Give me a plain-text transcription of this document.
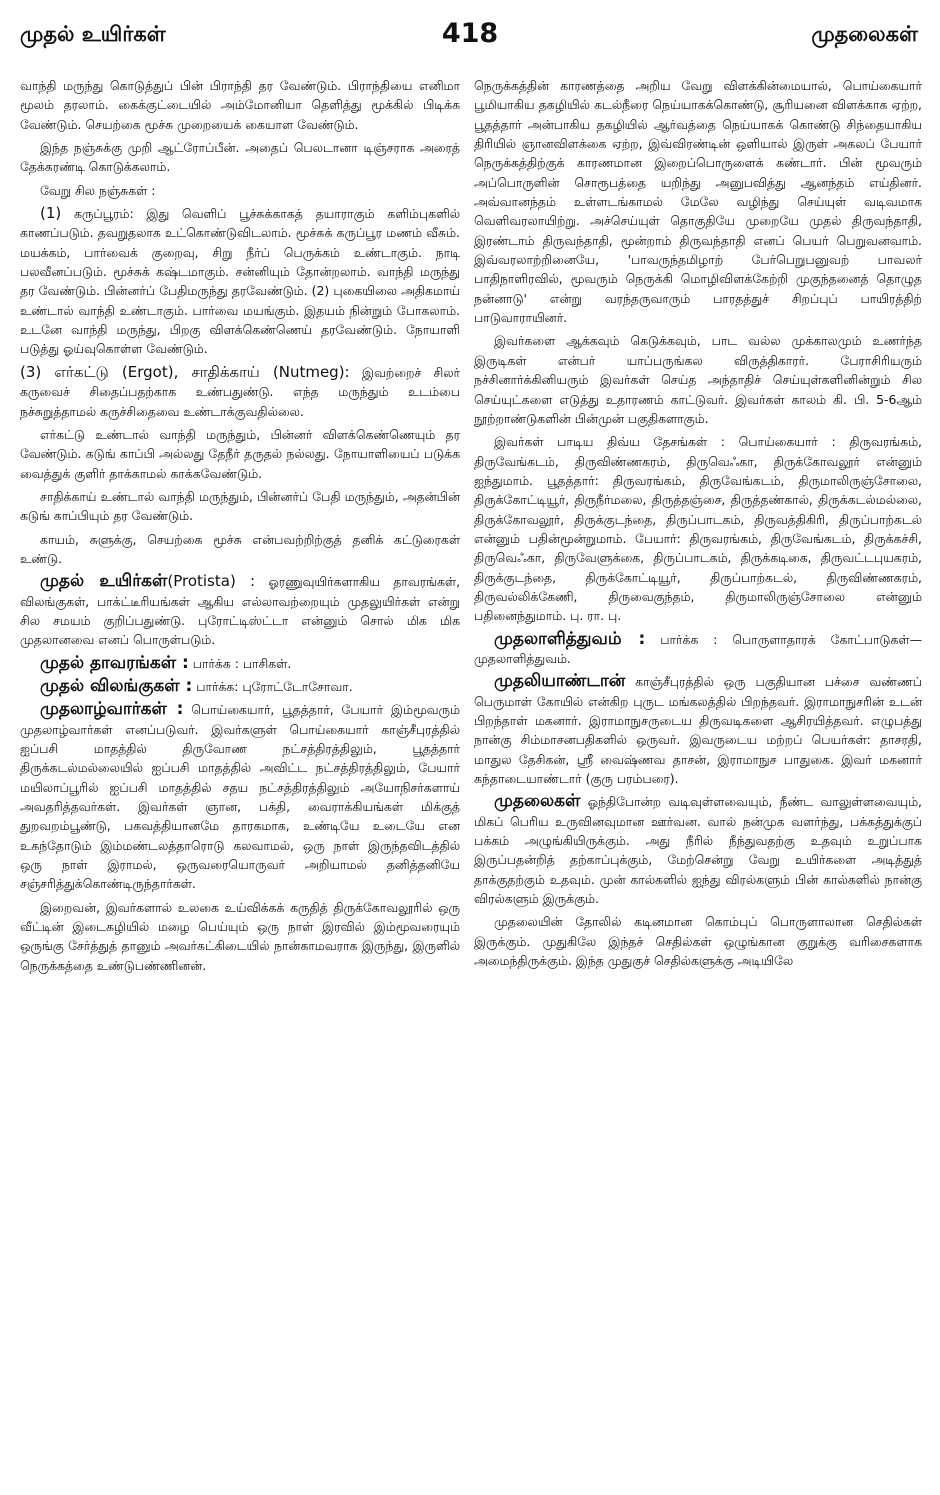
முதல் உயிர்கள்	418	முதலைகள்

வாந்தி மருந்து கொடுத்துப் பின் பிராந்தி தர வேண்டும். பிராந்தியை எனிமா மூலம் தரலாம். கைக்குட்டையில் அம்மோனியா தெளித்து மூக்கில் பிடிக்க வேண்டும். செயற்கை மூச்சு முறையைக் கையாள வேண்டும்.

இந்த நஞ்சுக்கு முறி ஆட்ரோப்பீன். அதைப் பெலடானா டிஞ்சராக அரைத் தேக்கரண்டி கொடுக்கலாம்.

வேறு சில நஞ்சுகள் :

(1) கருப்பூரம்: இது வெளிப் பூச்சுக்காகத் தயாராகும் களிம்புகளில் காணப்படும். தவறுதலாக உட்கொண்டுவிடலாம். மூச்சுக் கருப்பூர மணம் வீசும். மயக்கம், பார்வைக் குறைவு, சிறு நீர்ப் பெருக்கம் உண்டாகும். நாடி பலவீனப்படும். மூச்சுக் கஷ்டமாகும். சன்னியும் தோன்றலாம். வாந்தி மருந்து தர வேண்டும். பின்னர்ப் பேதிமருந்து தரவேண்டும். (2) புகையிலை அதிகமாய் உண்டால் வாந்தி உண்டாகும். பார்வை மயங்கும். இதயம் நின்றும் போகலாம். உடனே வாந்தி மருந்து, பிறகு விளக்கெண்ணெய் தரவேண்டும். நோயாளி படுத்து ஓய்வுகொள்ள வேண்டும்.

(3) எர்கட்டு (Ergot), சாதிக்காய் (Nutmeg): இவற்றைச் சிலர் கருவைச் சிதைப்பதற்காக உண்பதுண்டு. எந்த மருந்தும் உடம்பை நச்சுறுத்தாமல் கருச்சிதைவை உண்டாக்குவதில்லை.

எர்கட்டு உண்டால் வாந்தி மருந்தும், பின்னர் விளக்கெண்ணெயும் தர வேண்டும். கடுங் காப்பி அல்லது தேநீர் தருதல் நல்லது. நோயாளியைப் படுக்க வைத்துக் குளிர் தாக்காமல் காக்கவேண்டும்.

சாதிக்காய் உண்டால் வாந்தி மருந்தும், பின்னர்ப் பேதி மருந்தும், அதன்பின் கடுங் காப்பியும் தர வேண்டும்.

காயம், சுளுக்கு, செயற்கை மூச்சு என்பவற்றிற்குத் தனிக் கட்டுரைகள் உண்டு.

முதல் உயிர்கள்(Protista) : ஓரணுவுயிர்களாகிய தாவரங்கள், விலங்குகள், பாக்ட்டீரியங்கள் ஆகிய எல்லாவற்றையும் முதலுயிர்கள் என்று சில சமயம் குறிப்பதுண்டு. புரோட்டிஸ்ட்டா என்னும் சொல் மிக மிக முதலானவை எனப் பொருள்படும்.

முதல் தாவரங்கள் : பார்க்க : பாசிகள்.

முதல் விலங்குகள் : பார்க்க: புரோட்டோசோவா.

முதலாழ்வார்கள் : பொய்கையார், பூதத்தார், பேயார் இம்மூவரும் முதலாழ்வார்கள் எனப்படுவர். இவர்களுள் பொய்கையார் காஞ்சீபுரத்தில் ஐப்பசி மாதத்தில் திருவோண நட்சத்திரத்திலும், பூதத்தார் திருக்கடல்மல்லையில் ஐப்பசி மாதத்தில் அவிட்ட நட்சத்திரத்திலும், பேயார் மயிலாப்பூரில் ஐப்பசி மாதத்தில் சதய நட்சத்திரத்திலும் அயோநிசர்களாய் அவதரித்தவர்கள். இவர்கள் ஞான, பக்தி, வைராக்கியங்கள் மிக்குத் துறவறம்பூண்டு, பகவத்தியானமே தாரகமாக, உண்டியே உடையே என உகந்தோடும் இம்மண்டலத்தாரொடு கலவாமல், ஒரு நாள் இருந்தவிடத்தில் ஒரு நாள் இராமல், ஒருவரையொருவர் அறியாமல் தனித்தனியே சஞ்சரித்துக்கொண்டிருந்தார்கள்.

இறைவன், இவர்களால் உலகை உய்விக்கக் கருதித் திருக்கோவலூரில் ஒரு வீட்டின் இடைகழியில் மழை பெய்யும் ஒரு நாள் இரவில் இம்மூவரையும் ஒருங்கு சேர்த்துத் தானும் அவர்கட்கிடையில் நான்காமவராக இருந்து, இருளில் நெருக்கத்தை உண்டுபண்ணினன்.

நெருக்கத்தின் காரணத்தை அறிய வேறு விளக்கின்மையால், பொய்கையார் பூமியாகிய தகழியில் கடல்நீரை நெய்யாகக்கொண்டு, சூரியனை விளக்காக ஏற்ற, பூதத்தார் அன்பாகிய தகழியில் ஆர்வத்தை நெய்யாகக் கொண்டு சிந்தையாகிய திரியில் ஞானவிளக்கை ஏற்ற, இவ்விரண்டின் ஒளியால் இருள் அகலப் பேயார் நெருக்கத்திற்குக் காரணமான இறைப்பொருளைக் கண்டார். பின் மூவரும் அப்பொருளின் சொரூபத்தை யறிந்து அனுபவித்து ஆனந்தம் எய்தினர். அவ்வானந்தம் உள்ளடங்காமல் மேலே வழிந்து செய்யுள் வடிவமாக வெளிவரலாயிற்று. அச்செய்யுள் தொகுதியே முறையே முதல் திருவந்தாதி, இரண்டாம் திருவந்தாதி, மூன்றாம் திருவந்தாதி எனப் பெயர் பெறுவனவாம். இவ்வரலாற்றினையே, 'பாவருந்தமிழாற் பேர்பெறுபனுவற் பாவலர் பாதிநாளிரவில், மூவரும் நெருக்கி மொழிவிளக்கேற்றி முகுந்தனைத் தொழுத நன்னாடு' என்று வரந்தருவாரும் பாரதத்துச் சிறப்புப் பாயிரத்திற் பாடுவாராயினர்.

இவர்களை ஆக்கவும் கெடுக்கவும், பாட வல்ல முக்காலமும் உணர்ந்த இருடிகள் என்பர் யாப்பருங்கல விருத்திகாரர். பேராசிரியரும் நச்சினார்க்கினியரும் இவர்கள் செய்த அந்தாதிச் செய்யுள்களினின்றும் சில செய்யுட்களை எடுத்து உதாரணம் காட்டுவர். இவர்கள் காலம் கி. பி. 5-6ஆம் நூற்றாண்டுகளின் பின்முன் பகுதிகளாகும்.

இவர்கள் பாடிய திவ்ய தேசங்கள் : பொய்கையார் : திருவரங்கம், திருவேங்கடம், திருவிண்ணகரம், திருவெஃகா, திருக்கோவலூர் என்னும் ஐந்துமாம். பூதத்தார்: திருவரங்கம், திருவேங்கடம், திருமாலிருஞ்சோலை, திருக்கோட்டியூர், திருநீர்மலை, திருத்தஞ்சை, திருத்தண்கால், திருக்கடல்மல்லை, திருக்கோவலூர், திருக்குடந்தை, திருப்பாடகம், திருவத்திகிரி, திருப்பாற்கடல் என்னும் பதின்மூன்றுமாம். பேயார்: திருவரங்கம், திருவேங்கடம், திருக்கச்சி, திருவெஃகா, திருவேளுக்கை, திருப்பாடகம், திருக்கடிகை, திருவட்டபுயகரம், திருக்குடந்தை, திருக்கோட்டியூர், திருப்பாற்கடல், திருவிண்ணகரம், திருவல்லிக்கேணி, திருவைகுந்தம், திருமாலிருஞ்சோலை என்னும் பதினைந்துமாம். பு. ரா. பு.

முதலாளித்துவம் : பார்க்க : பொருளாதாரக் கோட்பாடுகள்—முதலாளித்துவம்.

முதலியாண்டான் காஞ்சீபுரத்தில் ஒரு பகுதியான பச்சை வண்ணப் பெருமாள் கோயில் என்கிற புருட மங்கலத்தில் பிறந்தவர். இராமாநுசரின் உடன் பிறந்தாள் மகனார். இராமாநுசருடைய திருவடிகளை ஆசிரயித்தவர். எழுபத்து நான்கு சிம்மாசனபதிகளில் ஒருவர். இவருடைய மற்றப் பெயர்கள்: தாசரதி, மாதுல தேசிகன், ஸ்ரீ வைஷ்ணவ தாசன், இராமாநுச பாதுகை. இவர் மகனார் கந்தாடையாண்டார் (குரு பரம்பரை).

முதலைகள் ஓந்திபோன்ற வடிவுள்ளவையும், நீண்ட வாலுள்ளவையும், மிகப் பெரிய உருவினவுமான ஊர்வன. வால் நன்முக வளர்ந்து, பக்கத்துக்குப் பக்கம் அழுங்கியிருக்கும். அது நீரில் நீந்துவதற்கு உதவும் உறுப்பாக இருப்பதன்றித் தற்காப்புக்கும், மேற்சென்று வேறு உயிர்களை அடித்துத் தாக்குதற்கும் உதவும். முன் கால்களில் ஐந்து விரல்களும் பின் கால்களில் நான்கு விரல்களும் இருக்கும்.

முதலையின் தோலில் கடினமான கொம்புப் பொருளாலான செதில்கள் இருக்கும். முதுகிலே இந்தச் செதில்கள் ஒழுங்கான குறுக்கு வரிசைகளாக அமைந்திருக்கும். இந்த முதுகுச் செதில்களுக்கு அடியிலே
